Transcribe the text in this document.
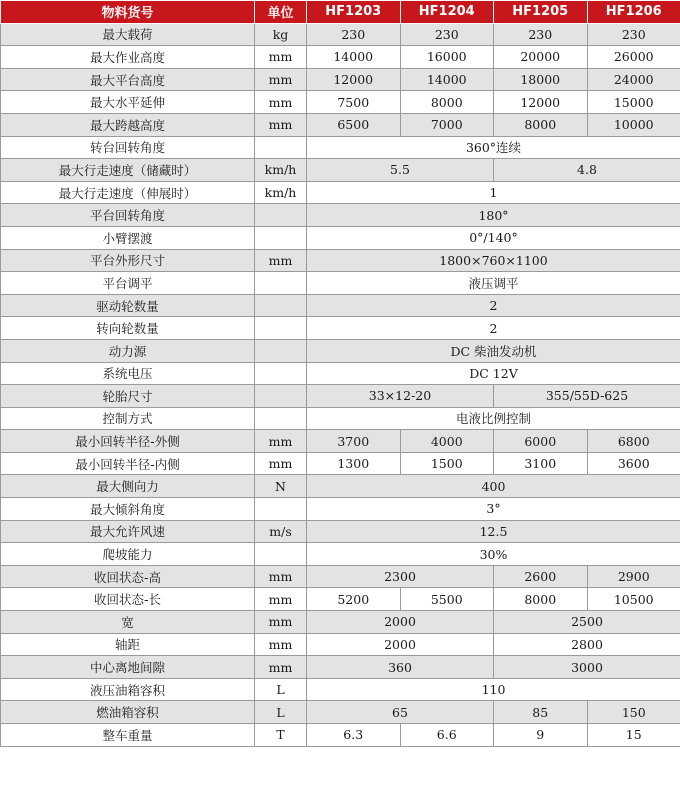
物料货号	单位	HF1203	HF1204	HF1205	HF1206
最大载荷	kg	230	230	230	230
最大作业高度	mm	14000	16000	20000	26000
最大平台高度	mm	12000	14000	18000	24000
最大水平延伸	mm	7500	8000	12000	15000
最大跨越高度	mm	6500	7000	8000	10000
转台回转角度		360°连续			
最大行走速度（储藏时）	km/h	5.5		4.8	
最大行走速度（伸展时）	km/h	1			
平台回转角度		180°			
小臂摆渡		0°/140°			
平台外形尺寸	mm	1800×760×1100			
平台调平		液压调平			
驱动轮数量		2			
转向轮数量		2			
动力源		DC 柴油发动机			
系统电压		DC 12V			
轮胎尺寸		33×12-20		355/55D-625	
控制方式		电液比例控制			
最小回转半径-外侧	mm	3700	4000	6000	6800
最小回转半径-内侧	mm	1300	1500	3100	3600
最大侧向力	N	400			
最大倾斜角度		3°			
最大允许风速	m/s	12.5			
爬坡能力		30%			
收回状态-高	mm	2300		2600	2900
收回状态-长	mm	5200	5500	8000	10500
宽	mm	2000		2500	
轴距	mm	2000		2800	
中心离地间隙	mm	360		3000	
液压油箱容积	L	110			
燃油箱容积	L	65		85	150
整车重量	T	6.3	6.6	9	15
